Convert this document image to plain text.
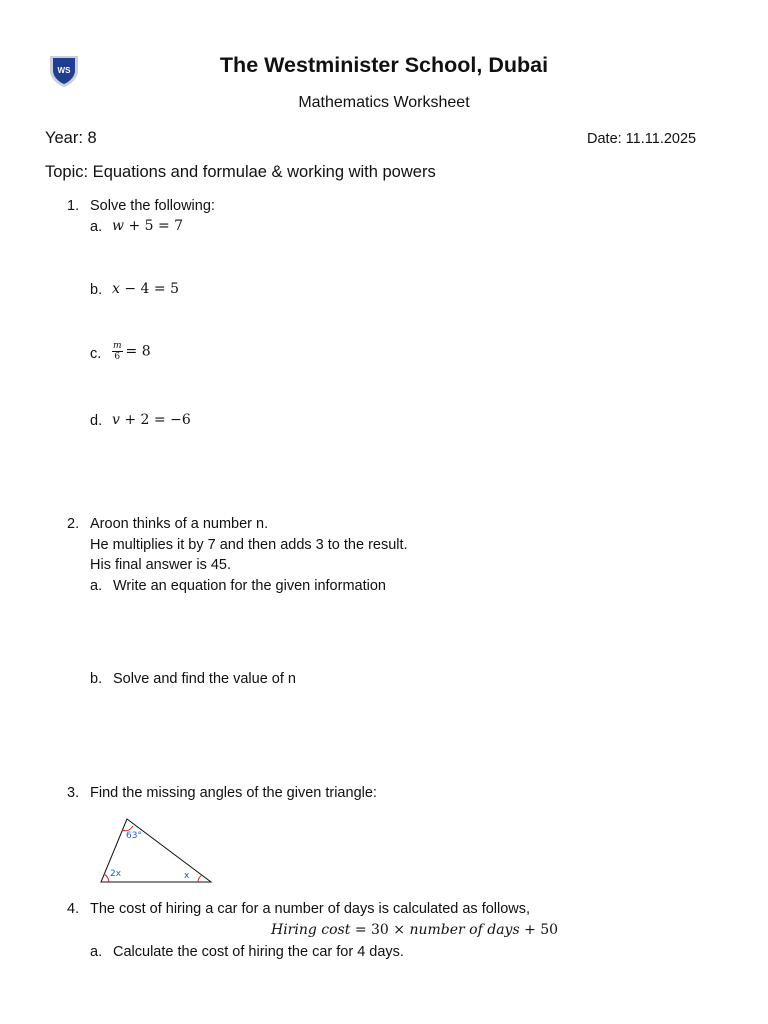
WS	The Westminister School, Dubai
Mathematics Worksheet
Year: 8	Date: 11.11.2025
Topic: Equations and formulae & working with powers
1. Solve the following:
a. w + 5 = 7
b. x − 4 = 5
c. $\frac{m}{6} = 8$
d. v + 2 = −6
2. Aroon thinks of a number n.
He multiplies it by 7 and then adds 3 to the result.
His final answer is 45.
a. Write an equation for the given information
b. Solve and find the value of n
3. Find the missing angles of the given triangle:
63°
2x	x
4. The cost of hiring a car for a number of days is calculated as follows,
Hiring cost = 30 × number of days + 50
a. Calculate the cost of hiring the car for 4 days.
